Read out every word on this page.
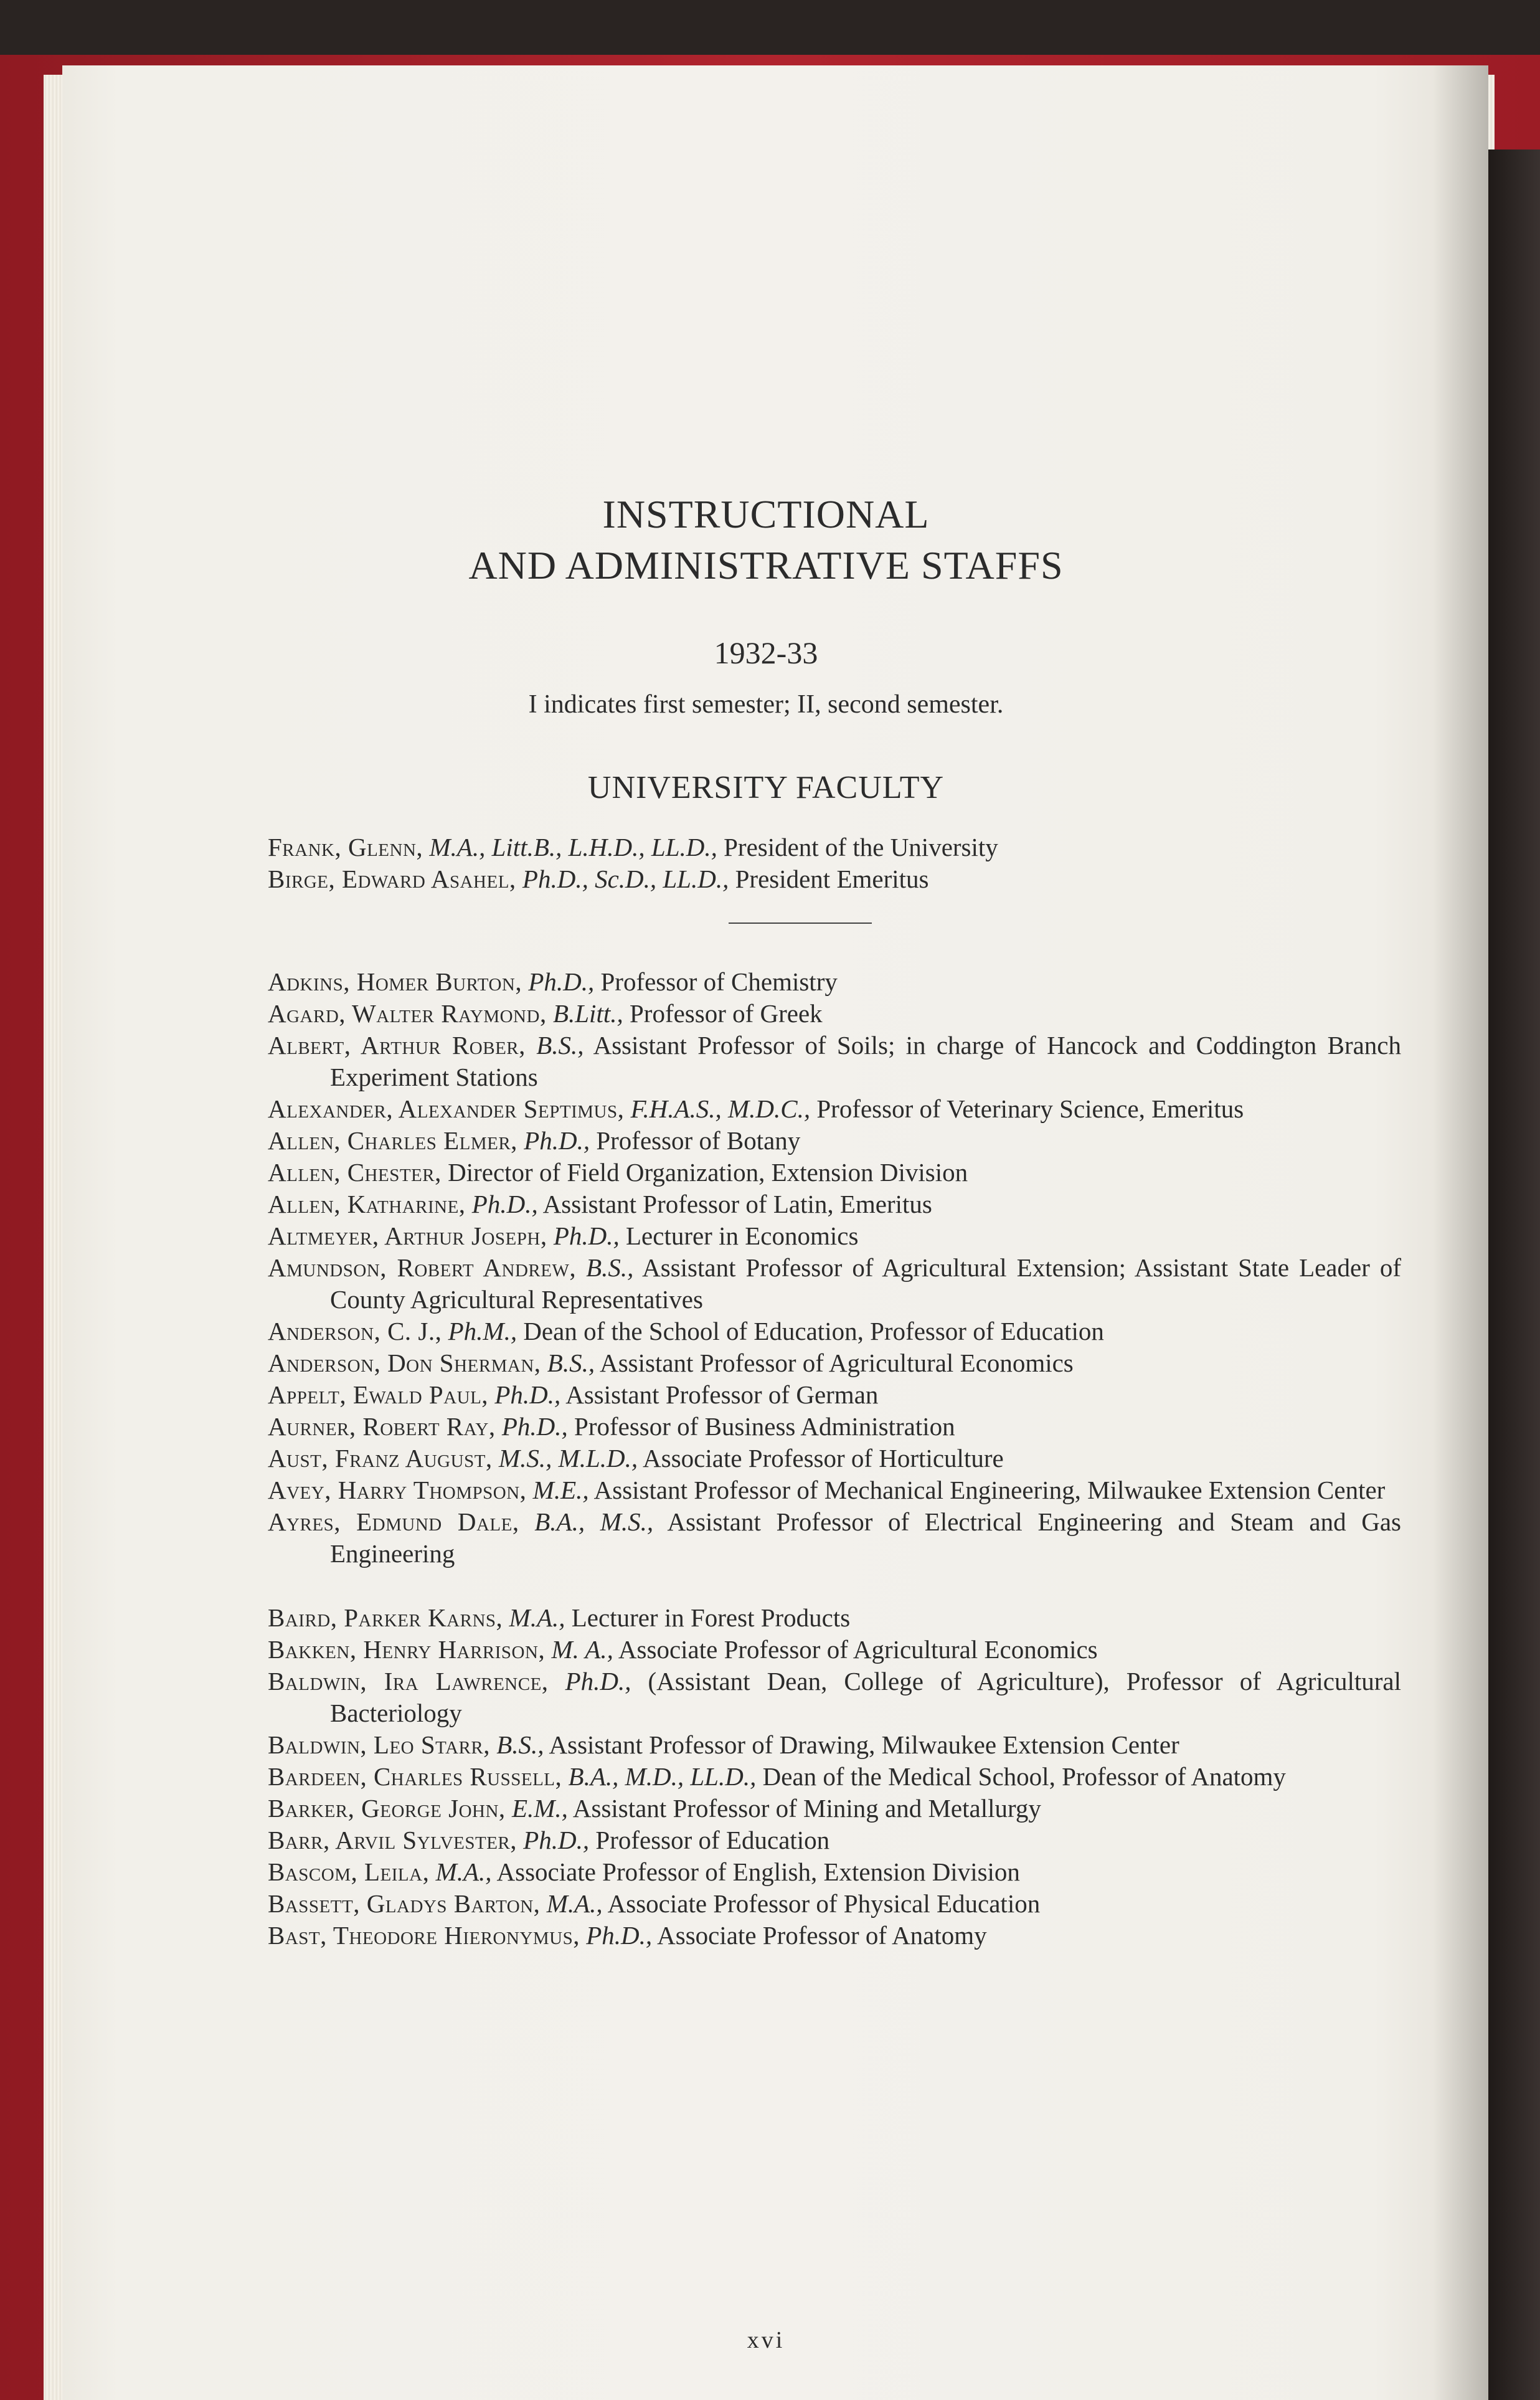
INSTRUCTIONAL

AND ADMINISTRATIVE STAFFS

1932-33
I indicates first semester; II, second semester.
UNIVERSITY FACULTY

Frank, Glenn, M.A., Litt.B., L.H.D., LL.D., President of the University

Birge, Edward Asahel, Ph.D., Sc.D., LL.D., President Emeritus

Adkins, Homer Burton, Ph.D., Professor of Chemistry

Agard, Walter Raymond, B.Litt., Professor of Greek

Albert, Arthur Rober, B.S., Assistant Professor of Soils; in charge of Hancock and Coddington Branch Experiment Stations

Alexander, Alexander Septimus, F.H.A.S., M.D.C., Professor of Veterinary Science, Emeritus

Allen, Charles Elmer, Ph.D., Professor of Botany

Allen, Chester, Director of Field Organization, Extension Division

Allen, Katharine, Ph.D., Assistant Professor of Latin, Emeritus

Altmeyer, Arthur Joseph, Ph.D., Lecturer in Economics

Amundson, Robert Andrew, B.S., Assistant Professor of Agricultural Extension; Assistant State Leader of County Agricultural Representatives

Anderson, C. J., Ph.M., Dean of the School of Education, Professor of Education

Anderson, Don Sherman, B.S., Assistant Professor of Agricultural Economics

Appelt, Ewald Paul, Ph.D., Assistant Professor of German

Aurner, Robert Ray, Ph.D., Professor of Business Administration

Aust, Franz August, M.S., M.L.D., Associate Professor of Horticulture

Avey, Harry Thompson, M.E., Assistant Professor of Mechanical Engineering, Milwaukee Extension Center

Ayres, Edmund Dale, B.A., M.S., Assistant Professor of Electrical Engineering and Steam and Gas Engineering

Baird, Parker Karns, M.A., Lecturer in Forest Products

Bakken, Henry Harrison, M. A., Associate Professor of Agricultural Economics

Baldwin, Ira Lawrence, Ph.D., (Assistant Dean, College of Agriculture), Professor of Agricultural Bacteriology

Baldwin, Leo Starr, B.S., Assistant Professor of Drawing, Milwaukee Extension Center

Bardeen, Charles Russell, B.A., M.D., LL.D., Dean of the Medical School, Professor of Anatomy

Barker, George John, E.M., Assistant Professor of Mining and Metallurgy

Barr, Arvil Sylvester, Ph.D., Professor of Education

Bascom, Leila, M.A., Associate Professor of English, Extension Division

Bassett, Gladys Barton, M.A., Associate Professor of Physical Education

Bast, Theodore Hieronymus, Ph.D., Associate Professor of Anatomy

xvi
